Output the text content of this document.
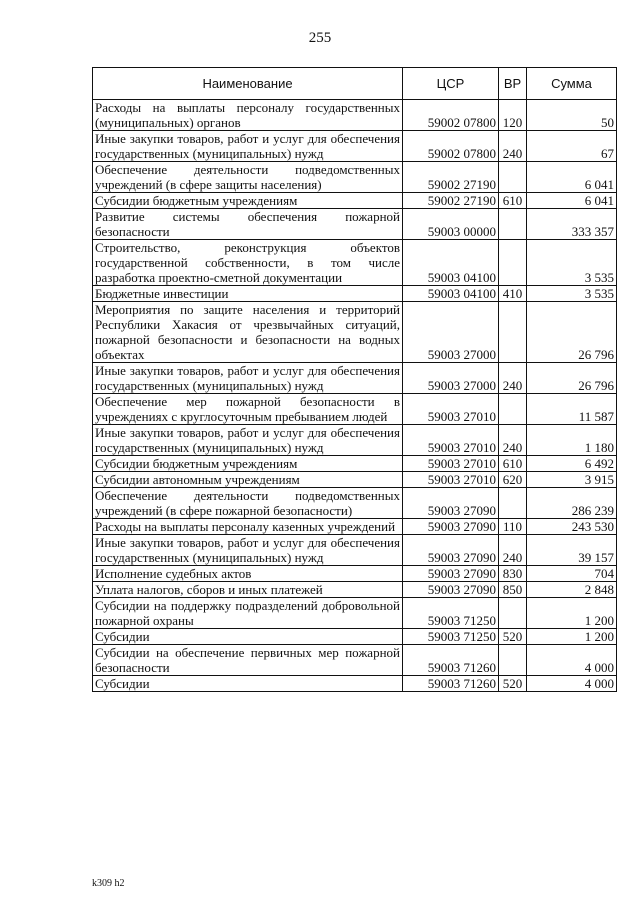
255
Наименование	ЦСР	ВР	Сумма
Расходы на выплаты персоналу государственных (муниципальных) органов	59002 07800	120	50
Иные закупки товаров, работ и услуг для обеспечения государственных (муниципальных) нужд	59002 07800	240	67
Обеспечение деятельности подведомственных учреждений (в сфере защиты населения)	59002 27190		6 041
Субсидии бюджетным учреждениям	59002 27190	610	6 041
Развитие системы обеспечения пожарной безопасности	59003 00000		333 357
Строительство, реконструкция объектов государственной собственности, в том числе разработка проектно-сметной документации	59003 04100		3 535
Бюджетные инвестиции	59003 04100	410	3 535
Мероприятия по защите населения и территорий Республики Хакасия от чрезвычайных ситуаций, пожарной безопасности и безопасности на водных объектах	59003 27000		26 796
Иные закупки товаров, работ и услуг для обеспечения государственных (муниципальных) нужд	59003 27000	240	26 796
Обеспечение мер пожарной безопасности в учреждениях с круглосуточным пребыванием людей	59003 27010		11 587
Иные закупки товаров, работ и услуг для обеспечения государственных (муниципальных) нужд	59003 27010	240	1 180
Субсидии бюджетным учреждениям	59003 27010	610	6 492
Субсидии автономным учреждениям	59003 27010	620	3 915
Обеспечение деятельности подведомственных учреждений (в сфере пожарной безопасности)	59003 27090		286 239
Расходы на выплаты персоналу казенных учреждений	59003 27090	110	243 530
Иные закупки товаров, работ и услуг для обеспечения государственных (муниципальных) нужд	59003 27090	240	39 157
Исполнение судебных актов	59003 27090	830	704
Уплата налогов, сборов и иных платежей	59003 27090	850	2 848
Субсидии на поддержку подразделений добровольной пожарной охраны	59003 71250		1 200
Субсидии	59003 71250	520	1 200
Субсидии на обеспечение первичных мер пожарной безопасности	59003 71260		4 000
Субсидии	59003 71260	520	4 000
k309 h2
